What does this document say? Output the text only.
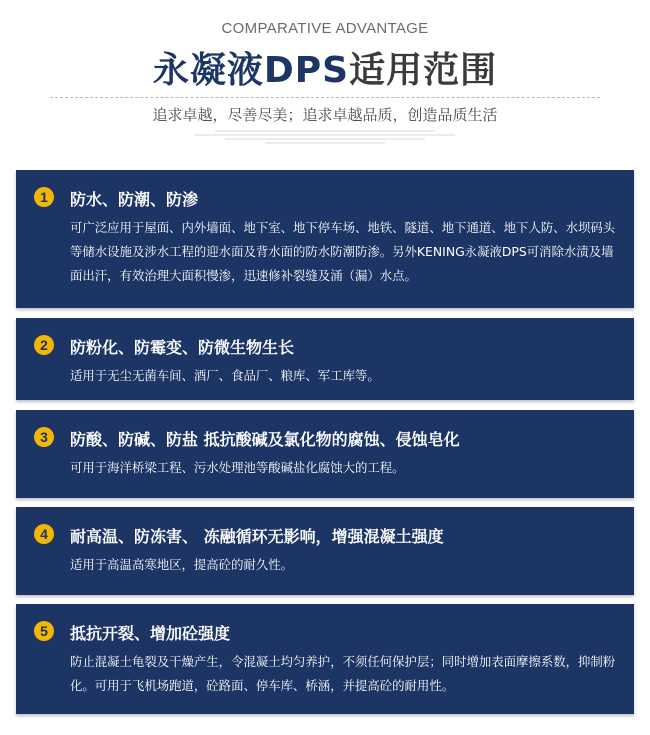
COMPARATIVE ADVANTAGE
永凝液DPS适用范围
追求卓越，尽善尽美；追求卓越品质，创造品质生活
1	防水、防潮、防渗
可广泛应用于屋面、内外墙面、地下室、地下停车场、地铁、隧道、地下通道、地下人防、水坝码头等储水设施及涉水工程的迎水面及背水面的防水防潮防渗。另外KENING永凝液DPS可消除水渍及墙面出汗，有效治理大面积慢渗，迅速修补裂缝及涌（漏）水点。
2	防粉化、防霉变、防微生物生长
适用于无尘无菌车间、酒厂、食品厂、粮库、军工库等。
3	防酸、防碱、防盐 抵抗酸碱及氯化物的腐蚀、侵蚀皂化
可用于海洋桥梁工程、污水处理池等酸碱盐化腐蚀大的工程。
4	耐高温、防冻害、 冻融循环无影响，增强混凝土强度
适用于高温高寒地区，提高砼的耐久性。
5	抵抗开裂、增加砼强度
防止混凝土龟裂及干燥产生，令混凝土均匀养护，不须任何保护层；同时增加表面摩擦系数，抑制粉化。可用于飞机场跑道，砼路面、停车库、桥涵，并提高砼的耐用性。
